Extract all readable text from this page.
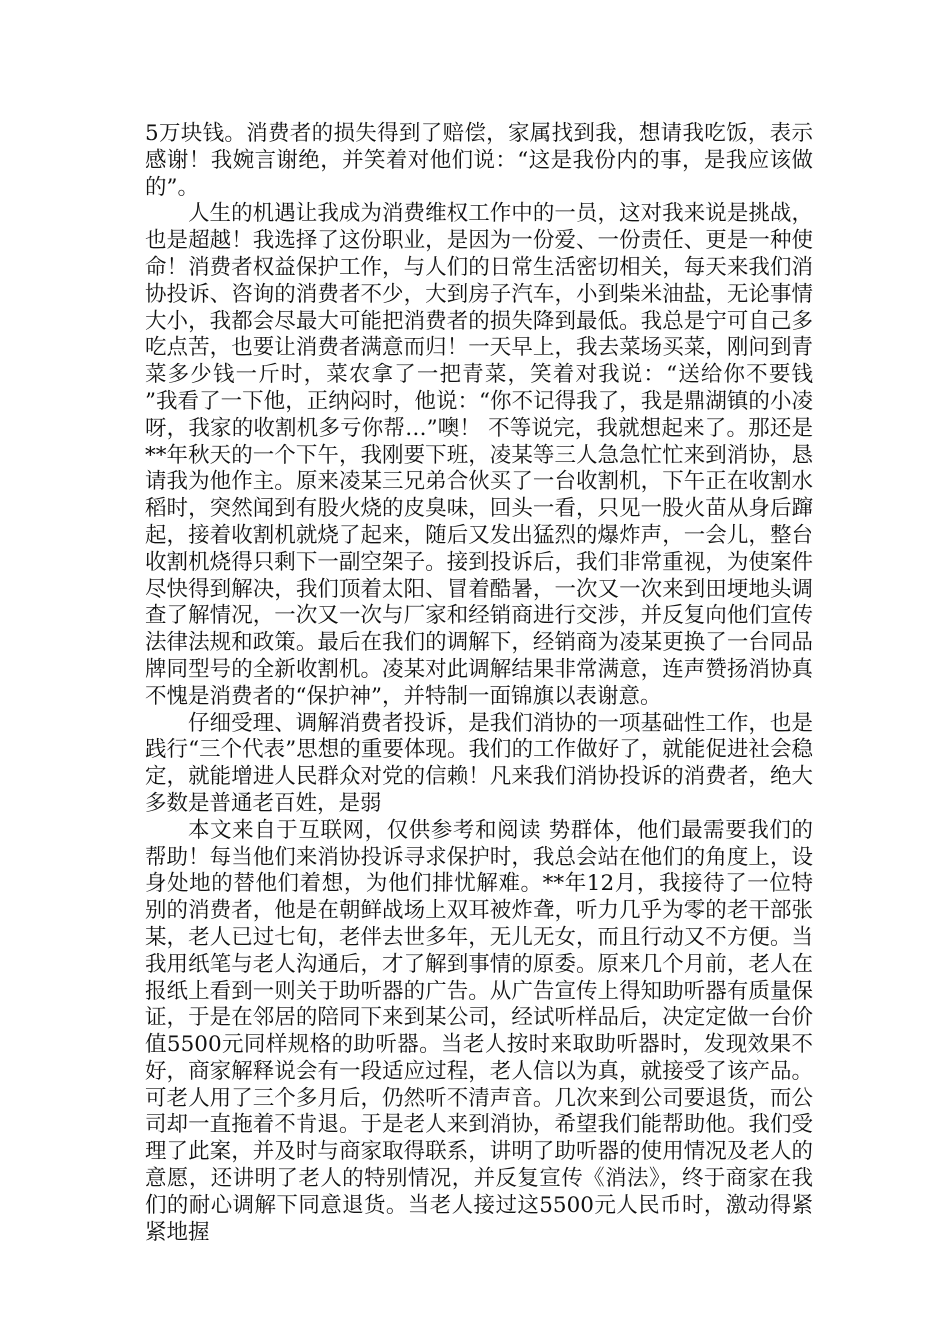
5万块钱。消费者的损失得到了赔偿，家属找到我，想请我吃饭，表示感谢！我婉言谢绝，并笑着对他们说：“这是我份内的事，是我应该做的”。

人生的机遇让我成为消费维权工作中的一员，这对我来说是挑战，也是超越！我选择了这份职业，是因为一份爱、一份责任、更是一种使命！消费者权益保护工作，与人们的日常生活密切相关，每天来我们消协投诉、咨询的消费者不少，大到房子汽车，小到柴米油盐，无论事情大小，我都会尽最大可能把消费者的损失降到最低。我总是宁可自己多吃点苦，也要让消费者满意而归！一天早上，我去菜场买菜，刚问到青菜多少钱一斤时，菜农拿了一把青菜，笑着对我说：“送给你不要钱 ”我看了一下他，正纳闷时，他说：“你不记得我了，我是鼎湖镇的小凌呀，我家的收割机多亏你帮…”噢！ 不等说完，我就想起来了。那还是**年秋天的一个下午，我刚要下班，凌某等三人急急忙忙来到消协，恳请我为他作主。原来凌某三兄弟合伙买了一台收割机，下午正在收割水稻时，突然闻到有股火烧的皮臭味，回头一看，只见一股火苗从身后蹿起，接着收割机就烧了起来，随后又发出猛烈的爆炸声，一会儿，整台收割机烧得只剩下一副空架子。接到投诉后，我们非常重视，为使案件尽快得到解决，我们顶着太阳、冒着酷暑，一次又一次来到田埂地头调查了解情况，一次又一次与厂家和经销商进行交涉，并反复向他们宣传法律法规和政策。最后在我们的调解下，经销商为凌某更换了一台同品牌同型号的全新收割机。凌某对此调解结果非常满意，连声赞扬消协真不愧是消费者的“保护神”，并特制一面锦旗以表谢意。

仔细受理、调解消费者投诉，是我们消协的一项基础性工作，也是践行“三个代表”思想的重要体现。我们的工作做好了，就能促进社会稳定，就能增进人民群众对党的信赖！凡来我们消协投诉的消费者，绝大多数是普通老百姓，是弱

本文来自于互联网，仅供参考和阅读 势群体，他们最需要我们的帮助！每当他们来消协投诉寻求保护时，我总会站在他们的角度上，设身处地的替他们着想，为他们排忧解难。**年12月，我接待了一位特别的消费者，他是在朝鲜战场上双耳被炸聋，听力几乎为零的老干部张某，老人已过七旬，老伴去世多年，无儿无女，而且行动又不方便。当我用纸笔与老人沟通后，才了解到事情的原委。原来几个月前，老人在报纸上看到一则关于助听器的广告。从广告宣传上得知助听器有质量保证，于是在邻居的陪同下来到某公司，经试听样品后，决定定做一台价值5500元同样规格的助听器。当老人按时来取助听器时，发现效果不好，商家解释说会有一段适应过程，老人信以为真，就接受了该产品。可老人用了三个多月后，仍然听不清声音。几次来到公司要退货，而公司却一直拖着不肯退。于是老人来到消协，希望我们能帮助他。我们受理了此案，并及时与商家取得联系，讲明了助听器的使用情况及老人的意愿，还讲明了老人的特别情况，并反复宣传《消法》，终于商家在我们的耐心调解下同意退货。当老人接过这5500元人民币时，激动得紧紧地握
